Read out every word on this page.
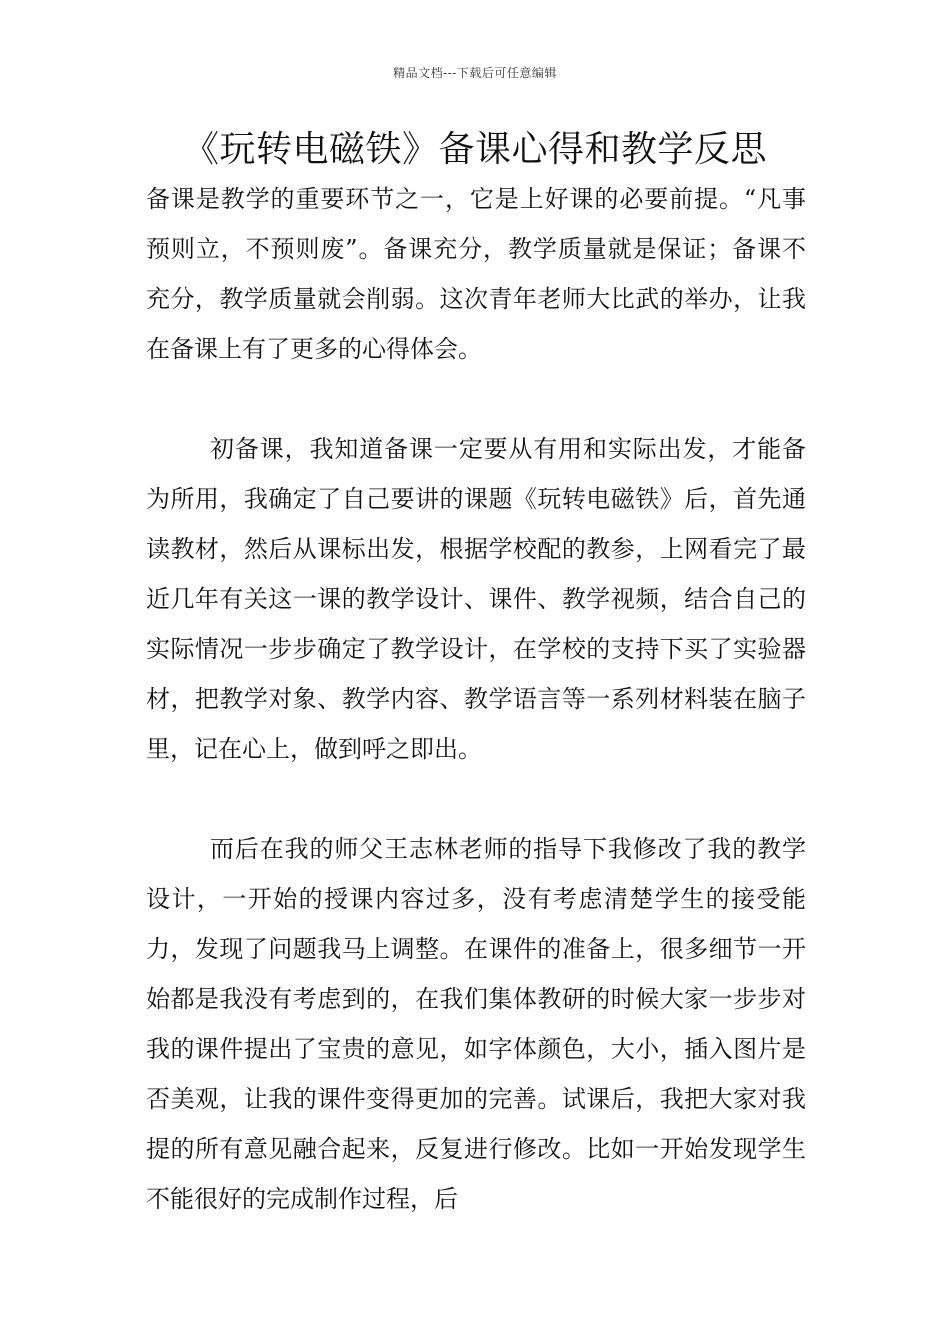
精品文档---下载后可任意编辑
《玩转电磁铁》备课心得和教学反思

备课是教学的重要环节之一，它是上好课的必要前提。“凡事预则立，不预则废”。备课充分，教学质量就是保证；备课不充分，教学质量就会削弱。这次青年老师大比武的举办，让我在备课上有了更多的心得体会。

初备课，我知道备课一定要从有用和实际出发，才能备为所用，我确定了自己要讲的课题《玩转电磁铁》后，首先通读教材，然后从课标出发，根据学校配的教参，上网看完了最近几年有关这一课的教学设计、课件、教学视频，结合自己的实际情况一步步确定了教学设计，在学校的支持下买了实验器材，把教学对象、教学内容、教学语言等一系列材料装在脑子里，记在心上，做到呼之即出。

而后在我的师父王志林老师的指导下我修改了我的教学设计，一开始的授课内容过多，没有考虑清楚学生的接受能力，发现了问题我马上调整。在课件的准备上，很多细节一开始都是我没有考虑到的，在我们集体教研的时候大家一步步对我的课件提出了宝贵的意见，如字体颜色，大小，插入图片是否美观，让我的课件变得更加的完善。试课后，我把大家对我提的所有意见融合起来，反复进行修改。比如一开始发现学生不能很好的完成制作过程，后
